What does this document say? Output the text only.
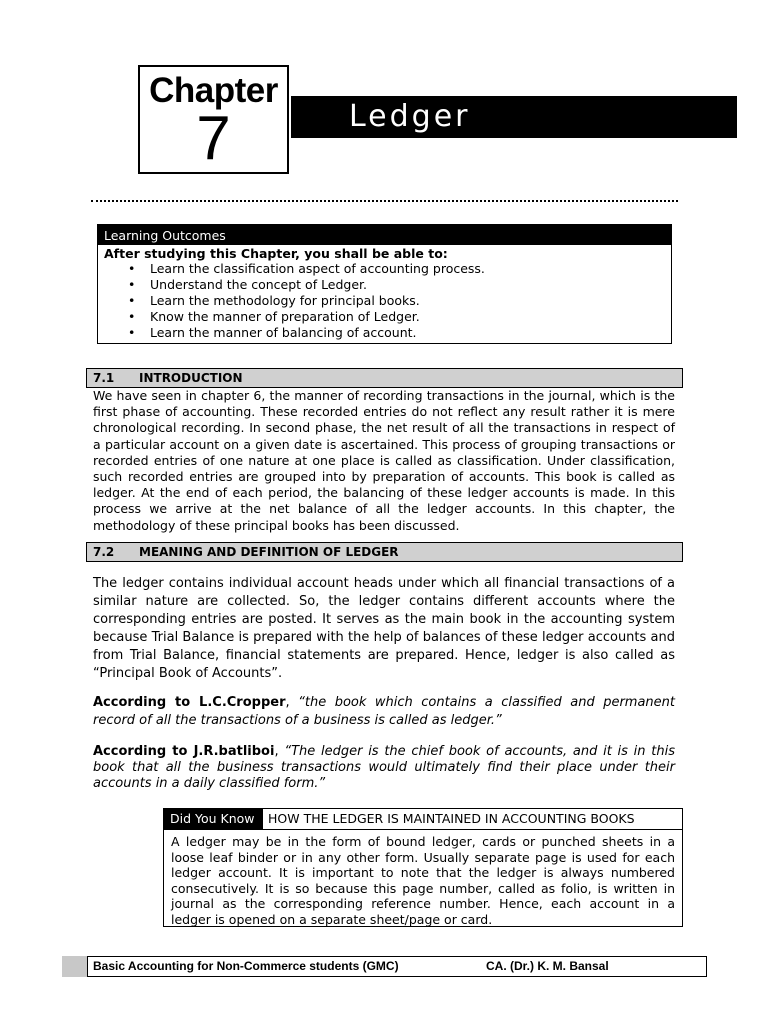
Chapter
7	Ledger
Learning Outcomes
After studying this Chapter, you shall be able to:
• Learn the classification aspect of accounting process.
• Understand the concept of Ledger.
• Learn the methodology for principal books.
• Know the manner of preparation of Ledger.
• Learn the manner of balancing of account.
7.1 INTRODUCTION
We have seen in chapter 6, the manner of recording transactions in the journal, which is the first phase of accounting. These recorded entries do not reflect any result rather it is mere chronological recording. In second phase, the net result of all the transactions in respect of a particular account on a given date is ascertained. This process of grouping transactions or recorded entries of one nature at one place is called as classification. Under classification, such recorded entries are grouped into by preparation of accounts. This book is called as ledger. At the end of each period, the balancing of these ledger accounts is made. In this process we arrive at the net balance of all the ledger accounts. In this chapter, the methodology of these principal books has been discussed.
7.2 MEANING AND DEFINITION OF LEDGER
The ledger contains individual account heads under which all financial transactions of a similar nature are collected. So, the ledger contains different accounts where the corresponding entries are posted. It serves as the main book in the accounting system because Trial Balance is prepared with the help of balances of these ledger accounts and from Trial Balance, financial statements are prepared. Hence, ledger is also called as “Principal Book of Accounts”.
According to L.C.Cropper, “the book which contains a classified and permanent record of all the transactions of a business is called as ledger.”
According to J.R.batliboi, “The ledger is the chief book of accounts, and it is in this book that all the business transactions would ultimately find their place under their accounts in a daily classified form.”
Did You Know	HOW THE LEDGER IS MAINTAINED IN ACCOUNTING BOOKS
A ledger may be in the form of bound ledger, cards or punched sheets in a loose leaf binder or in any other form. Usually separate page is used for each ledger account. It is important to note that the ledger is always numbered consecutively. It is so because this page number, called as folio, is written in journal as the corresponding reference number. Hence, each account in a ledger is opened on a separate sheet/page or card.
Basic Accounting for Non-Commerce students (GMC)	CA. (Dr.) K. M. Bansal
